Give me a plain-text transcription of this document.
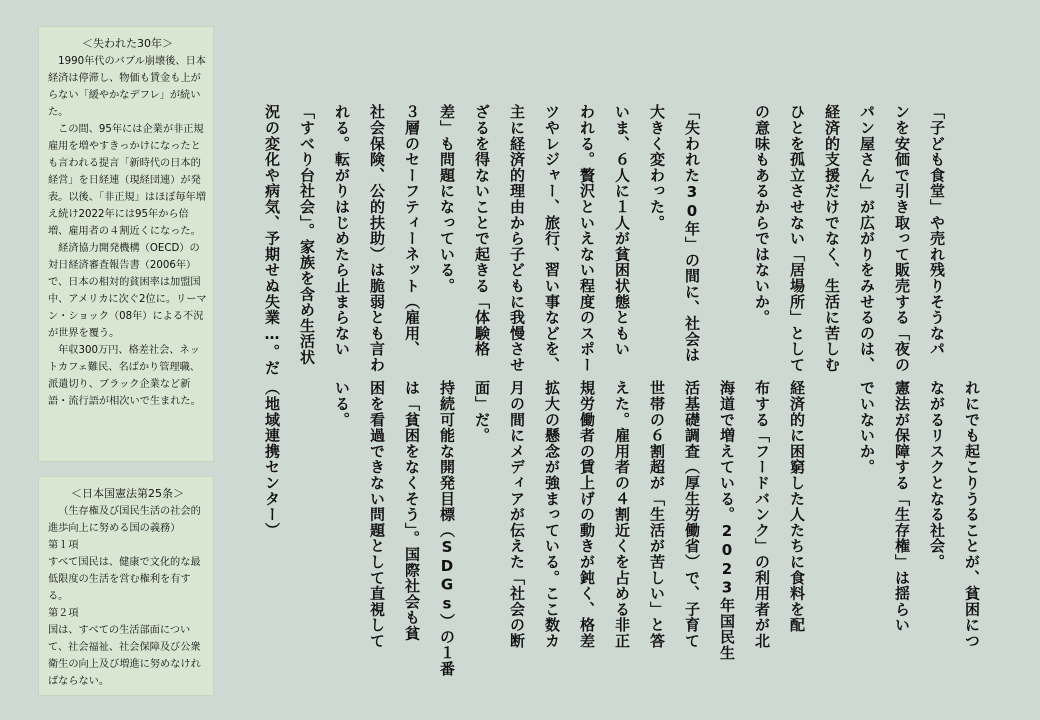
＜失われた30年＞

　1990年代のバブル崩壊後、日本経済は停滞し、物価も賃金も上がらない「緩やかなデフレ」が続いた。

　この間、95年には企業が非正規雇用を増やすきっかけになったとも言われる提言「新時代の日本的経営」を日経連（現経団連）が発表。以後、「非正規」はほぼ毎年増え続け2022年には95年から倍増、雇用者の４割近くになった。

　経済協力開発機構（OECD）の対日経済審査報告書（2006年）で、日本の相対的貧困率は加盟国中、アメリカに次ぐ2位に。リーマン・ショック（08年）による不況が世界を覆う。

　年収300万円、格差社会、ネットカフェ難民、名ばかり管理職、派遣切り、ブラック企業など新語・流行語が相次いで生まれた。

＜日本国憲法第25条＞

（生存権及び国民生活の社会的進歩向上に努める国の義務）

第１項

すべて国民は、健康で文化的な最低限度の生活を営む権利を有する。

第２項

国は、すべての生活部面について、社会福祉、社会保障及び公衆衛生の向上及び増進に努めなければならない。

「子ども食堂」や売れ残りそうなパ
ンを安価で引き取って販売する「夜の
パン屋さん」が広がりをみせるのは、
経済的支援だけでなく、生活に苦しむ
ひとを孤立させない「居場所」として
の意味もあるからではないか。

「失われた30年」の間に、社会は
大きく変わった。
いま、６人に１人が貧困状態ともい
われる。贅沢といえない程度のスポー
ツやレジャー、旅行、習い事などを、
主に経済的理由から子どもに我慢させ
ざるを得ないことで起きる「体験格
差」も問題になっている。
３層のセーフティーネット（雇用、
社会保険、公的扶助）は脆弱とも言わ
れる。転がりはじめたら止まらない
「すべり台社会」。家族を含め生活状
況の変化や病気、予期せぬ失業…。だ
れにでも起こりうることが、貧困につ
ながるリスクとなる社会。
憲法が保障する「生存権」は揺らい
でいないか。

経済的に困窮した人たちに食料を配
布する「フードバンク」の利用者が北
海道で増えている。2023年国民生
活基礎調査（厚生労働省）で、子育て
世帯の６割超が「生活が苦しい」と答
えた。雇用者の４割近くを占める非正
規労働者の賃上げの動きが鈍く、格差
拡大の懸念が強まっている。ここ数カ
月の間にメディアが伝えた「社会の断
面」だ。
持続可能な開発目標（SDGs）の１番
は「貧困をなくそう」。国際社会も貧
困を看過できない問題として直視して
いる。

（地域連携センター）
